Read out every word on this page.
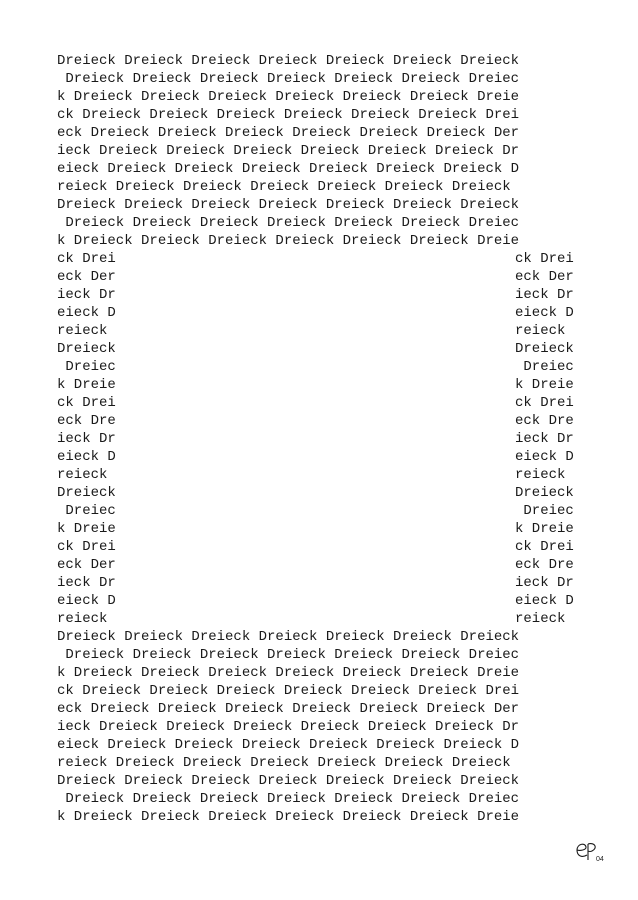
Dreieck Dreieck Dreieck Dreieck Dreieck Dreieck Dreieck
Dreieck Dreieck Dreieck Dreieck Dreieck Dreieck Dreiec
k Dreieck Dreieck Dreieck Dreieck Dreieck Dreieck Dreie
ck Dreieck Dreieck Dreieck Dreieck Dreieck Dreieck Drei
eck Dreieck Dreieck Dreieck Dreieck Dreieck Dreieck Der
ieck Dreieck Dreieck Dreieck Dreieck Dreieck Dreieck Dr
eieck Dreieck Dreieck Dreieck Dreieck Dreieck Dreieck D
reieck Dreieck Dreieck Dreieck Dreieck Dreieck Dreieck
Dreieck Dreieck Dreieck Dreieck Dreieck Dreieck Dreieck
Dreieck Dreieck Dreieck Dreieck Dreieck Dreieck Dreiec
k Dreieck Dreieck Dreieck Dreieck Dreieck Dreieck Dreie
ck Drei	ck Drei
eck Der	eck Der
ieck Dr	ieck Dr
eieck D	eieck D
reieck	reieck
Dreieck	Dreieck
Dreiec	Dreiec
k Dreie	k Dreie
ck Drei	ck Drei
eck Dre	eck Dre
ieck Dr	ieck Dr
eieck D	eieck D
reieck	reieck
Dreieck	Dreieck
Dreiec	Dreiec
k Dreie	k Dreie
ck Drei	ck Drei
eck Der	eck Dre
ieck Dr	ieck Dr
eieck D	eieck D
reieck	reieck
Dreieck Dreieck Dreieck Dreieck Dreieck Dreieck Dreieck
Dreieck Dreieck Dreieck Dreieck Dreieck Dreieck Dreiec
k Dreieck Dreieck Dreieck Dreieck Dreieck Dreieck Dreie
ck Dreieck Dreieck Dreieck Dreieck Dreieck Dreieck Drei
eck Dreieck Dreieck Dreieck Dreieck Dreieck Dreieck Der
ieck Dreieck Dreieck Dreieck Dreieck Dreieck Dreieck Dr
eieck Dreieck Dreieck Dreieck Dreieck Dreieck Dreieck D
reieck Dreieck Dreieck Dreieck Dreieck Dreieck Dreieck
Dreieck Dreieck Dreieck Dreieck Dreieck Dreieck Dreieck
Dreieck Dreieck Dreieck Dreieck Dreieck Dreieck Dreiec
k Dreieck Dreieck Dreieck Dreieck Dreieck Dreieck Dreie
04
